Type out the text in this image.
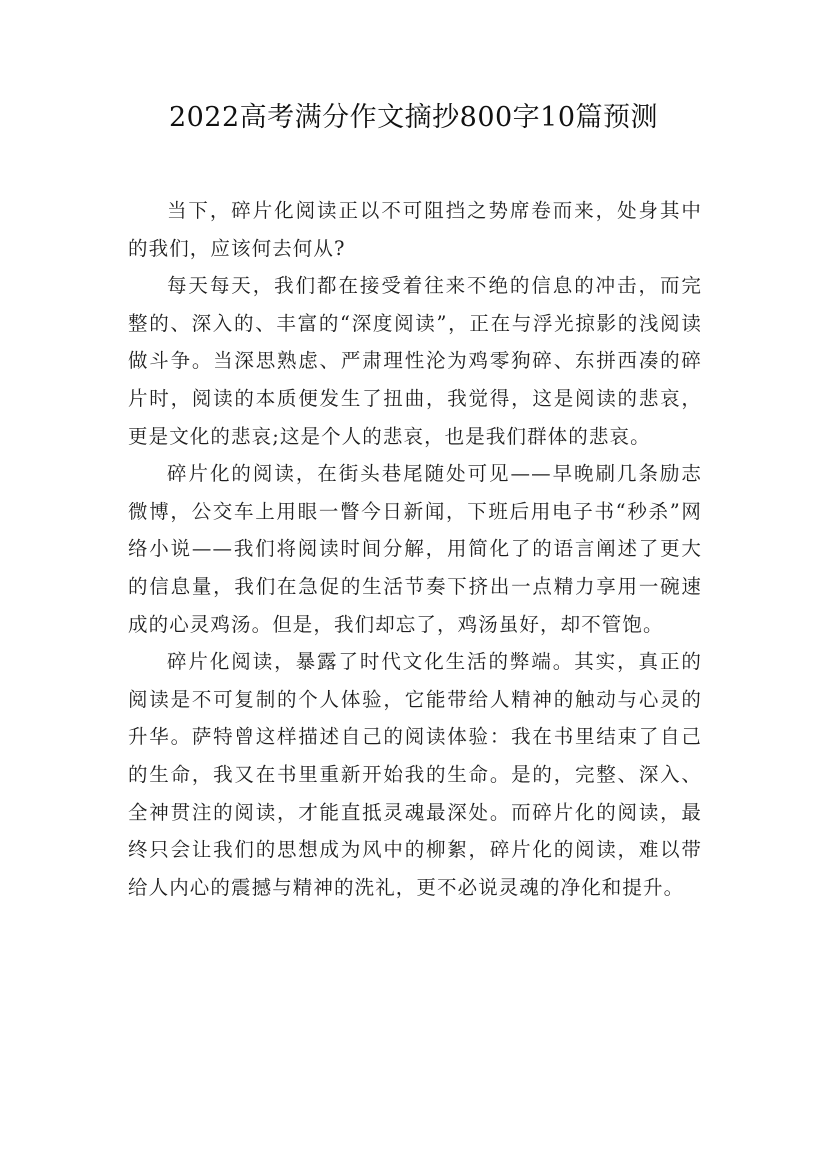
2022高考满分作文摘抄800字10篇预测

当下，碎片化阅读正以不可阻挡之势席卷而来，处身其中的我们，应该何去何从?

每天每天，我们都在接受着往来不绝的信息的冲击，而完整的、深入的、丰富的“深度阅读”，正在与浮光掠影的浅阅读做斗争。当深思熟虑、严肃理性沦为鸡零狗碎、东拼西凑的碎片时，阅读的本质便发生了扭曲，我觉得，这是阅读的悲哀，更是文化的悲哀;这是个人的悲哀，也是我们群体的悲哀。

碎片化的阅读，在街头巷尾随处可见——早晚刷几条励志微博，公交车上用眼一瞥今日新闻，下班后用电子书“秒杀”网络小说——我们将阅读时间分解，用简化了的语言阐述了更大的信息量，我们在急促的生活节奏下挤出一点精力享用一碗速成的心灵鸡汤。但是，我们却忘了，鸡汤虽好，却不管饱。

碎片化阅读，暴露了时代文化生活的弊端。其实，真正的阅读是不可复制的个人体验，它能带给人精神的触动与心灵的升华。萨特曾这样描述自己的阅读体验：我在书里结束了自己的生命，我又在书里重新开始我的生命。是的，完整、深入、全神贯注的阅读，才能直抵灵魂最深处。而碎片化的阅读，最终只会让我们的思想成为风中的柳絮，碎片化的阅读，难以带给人内心的震撼与精神的洗礼，更不必说灵魂的净化和提升。
